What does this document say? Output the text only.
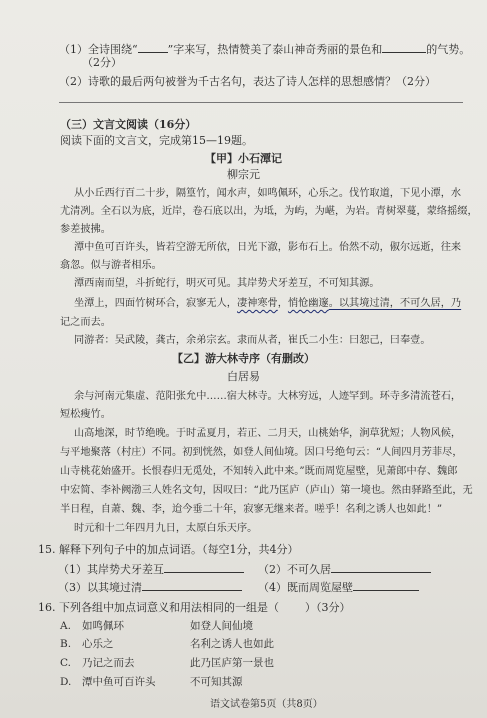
（1）全诗围绕“	”字来写，热情赞美了泰山神奇秀丽的景色和	的气势。
（2分）
（2）诗歌的最后两句被誉为千古名句，表达了诗人怎样的思想感情？（2分）
（三）文言文阅读（16分）
阅读下面的文言文，完成第15—19题。
【甲】小石潭记
柳宗元
从小丘西行百二十步，隔篁竹，闻水声，如鸣佩环，心乐之。伐竹取道，下见小潭，水
尤清冽。全石以为底，近岸，卷石底以出，为坻，为屿，为嵁，为岩。青树翠蔓，蒙络摇缀，
参差披拂。
潭中鱼可百许头，皆若空游无所依，日光下澈，影布石上。佁然不动，俶尔远逝，往来
翕忽。似与游者相乐。
潭西南而望，斗折蛇行，明灭可见。其岸势犬牙差互，不可知其源。
坐潭上，四面竹树环合，寂寥无人，凄神寒骨，悄怆幽邃。以其境过清，不可久居，乃
记之而去。
同游者：吴武陵，龚古，余弟宗玄。隶而从者，崔氏二小生：曰恕己，曰奉壹。
【乙】游大林寺序（有删改）
白居易
余与河南元集虚、范阳张允中……宿大林寺。大林穷远，人迹罕到。环寺多清流苍石，
短松瘦竹。
山高地深，时节绝晚。于时孟夏月，若正、二月天，山桃始华，涧草犹短；人物风候，
与平地聚落（村庄）不同。初到恍然，如登人间仙境。因口号绝句云：“人间四月芳菲尽，
山寺桃花始盛开。长恨春归无觅处，不知转入此中来。”既而周览屋壁，见萧郎中存、魏郎
中宏简、李补阙渤三人姓名文句，因叹曰：“此乃匡庐（庐山）第一境也。然由驿路至此，无
半日程，自萧、魏、李，迨今垂二十年，寂寥无继来者。嗟乎！名利之诱人也如此！”
时元和十二年四月九日，太原白乐天序。
15. 解释下列句子中的加点词语。（每空1分，共4分）
（1）其岸势犬牙差互	（2）不可久居
（3）以其境过清	（4）既而周览屋壁
16. 下列各组中加点词意义和用法相同的一组是（ ）（3分）
A. 如鸣佩环	如登人间仙境
B. 心乐之	名利之诱人也如此
C. 乃记之而去	此乃匡庐第一景也
D. 潭中鱼可百许头	不可知其源
语文试卷第5页（共8页）
